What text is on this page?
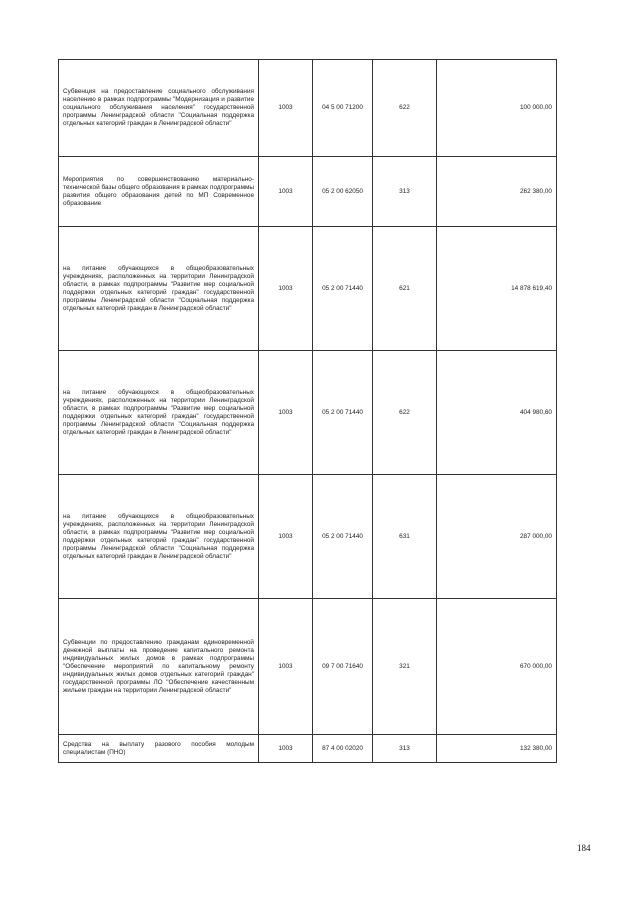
Субвенция на предоставление социального обслуживания населению в рамках подпрограммы "Модернизация и развитие социального обслуживания населения" государственной программы Ленинградской области "Социальная поддержка отдельных категорий граждан в Ленинградской области"	1003	04 5 00 71200	622	100 000,00
Мероприятия по совершенствованию материально-технической базы общего образования в рамках подпрограммы развития общего образования детей по МП Современное образование	1003	05 2 00 62050	313	262 380,00
на питание обучающихся в общеобразовательных учреждениях, расположенных на территории Ленинградской области, в рамках подпрограммы "Развитие мер социальной поддержки отдельных категорий граждан" государственной программы Ленинградской области "Социальная поддержка отдельных категорий граждан в Ленинградской области"	1003	05 2 00 71440	621	14 878 619,40
на питание обучающихся в общеобразовательных учреждениях, расположенных на территории Ленинградской области, в рамках подпрограммы "Развитие мер социальной поддержки отдельных категорий граждан" государственной программы Ленинградской области "Социальная поддержка отдельных категорий граждан в Ленинградской области"	1003	05 2 00 71440	622	404 980,60
на питание обучающихся в общеобразовательных учреждениях, расположенных на территории Ленинградской области, в рамках подпрограммы "Развитие мер социальной поддержки отдельных категорий граждан" государственной программы Ленинградской области "Социальная поддержка отдельных категорий граждан в Ленинградской области"	1003	05 2 00 71440	631	287 000,00
Субвенции по предоставлению гражданам единовременной денежной выплаты на проведение капитального ремонта индивидуальных жилых домов в рамках подпрограммы "Обеспечение мероприятий по капитальному ремонту индивидуальных жилых домов отдельных категорий граждан" государственной программы ЛО "Обеспечение качественным жильем граждан на территории Ленинградской области"	1003	09 7 00 71640	321	670 000,00
Средства на выплату разового пособия молодым специалистам (ПНО)	1003	87 4 00 02020	313	132 380,00
184
